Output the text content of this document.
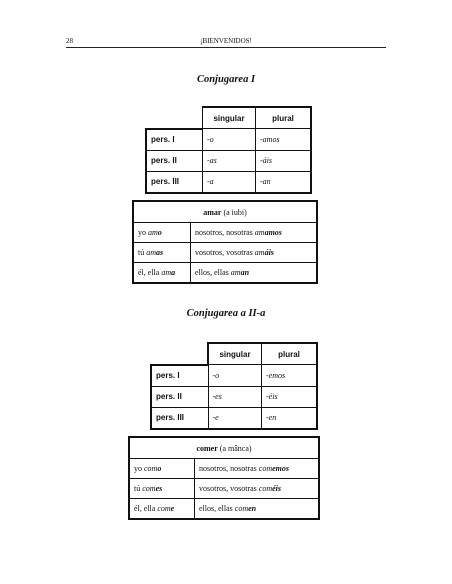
28	¡BIENVENIDOS!
Conjugarea I
	singular	plural
pers. I	-o	-amos
pers. II	-as	-áis
pers. III	-a	-an
amar (a iubi)	
yo amo	nosotros, nosotras amamos
tú amas	vosotros, vosotras amáis
él, ella ama	ellos, ellas aman
Conjugarea a II-a
	singular	plural
pers. I	-o	-emos
pers. II	-es	-éis
pers. III	-e	-en
comer (a mânca)	
yo como	nosotros, nosotras comemos
tú comes	vosotros, vosotras coméis
él, ella come	ellos, ellas comen
